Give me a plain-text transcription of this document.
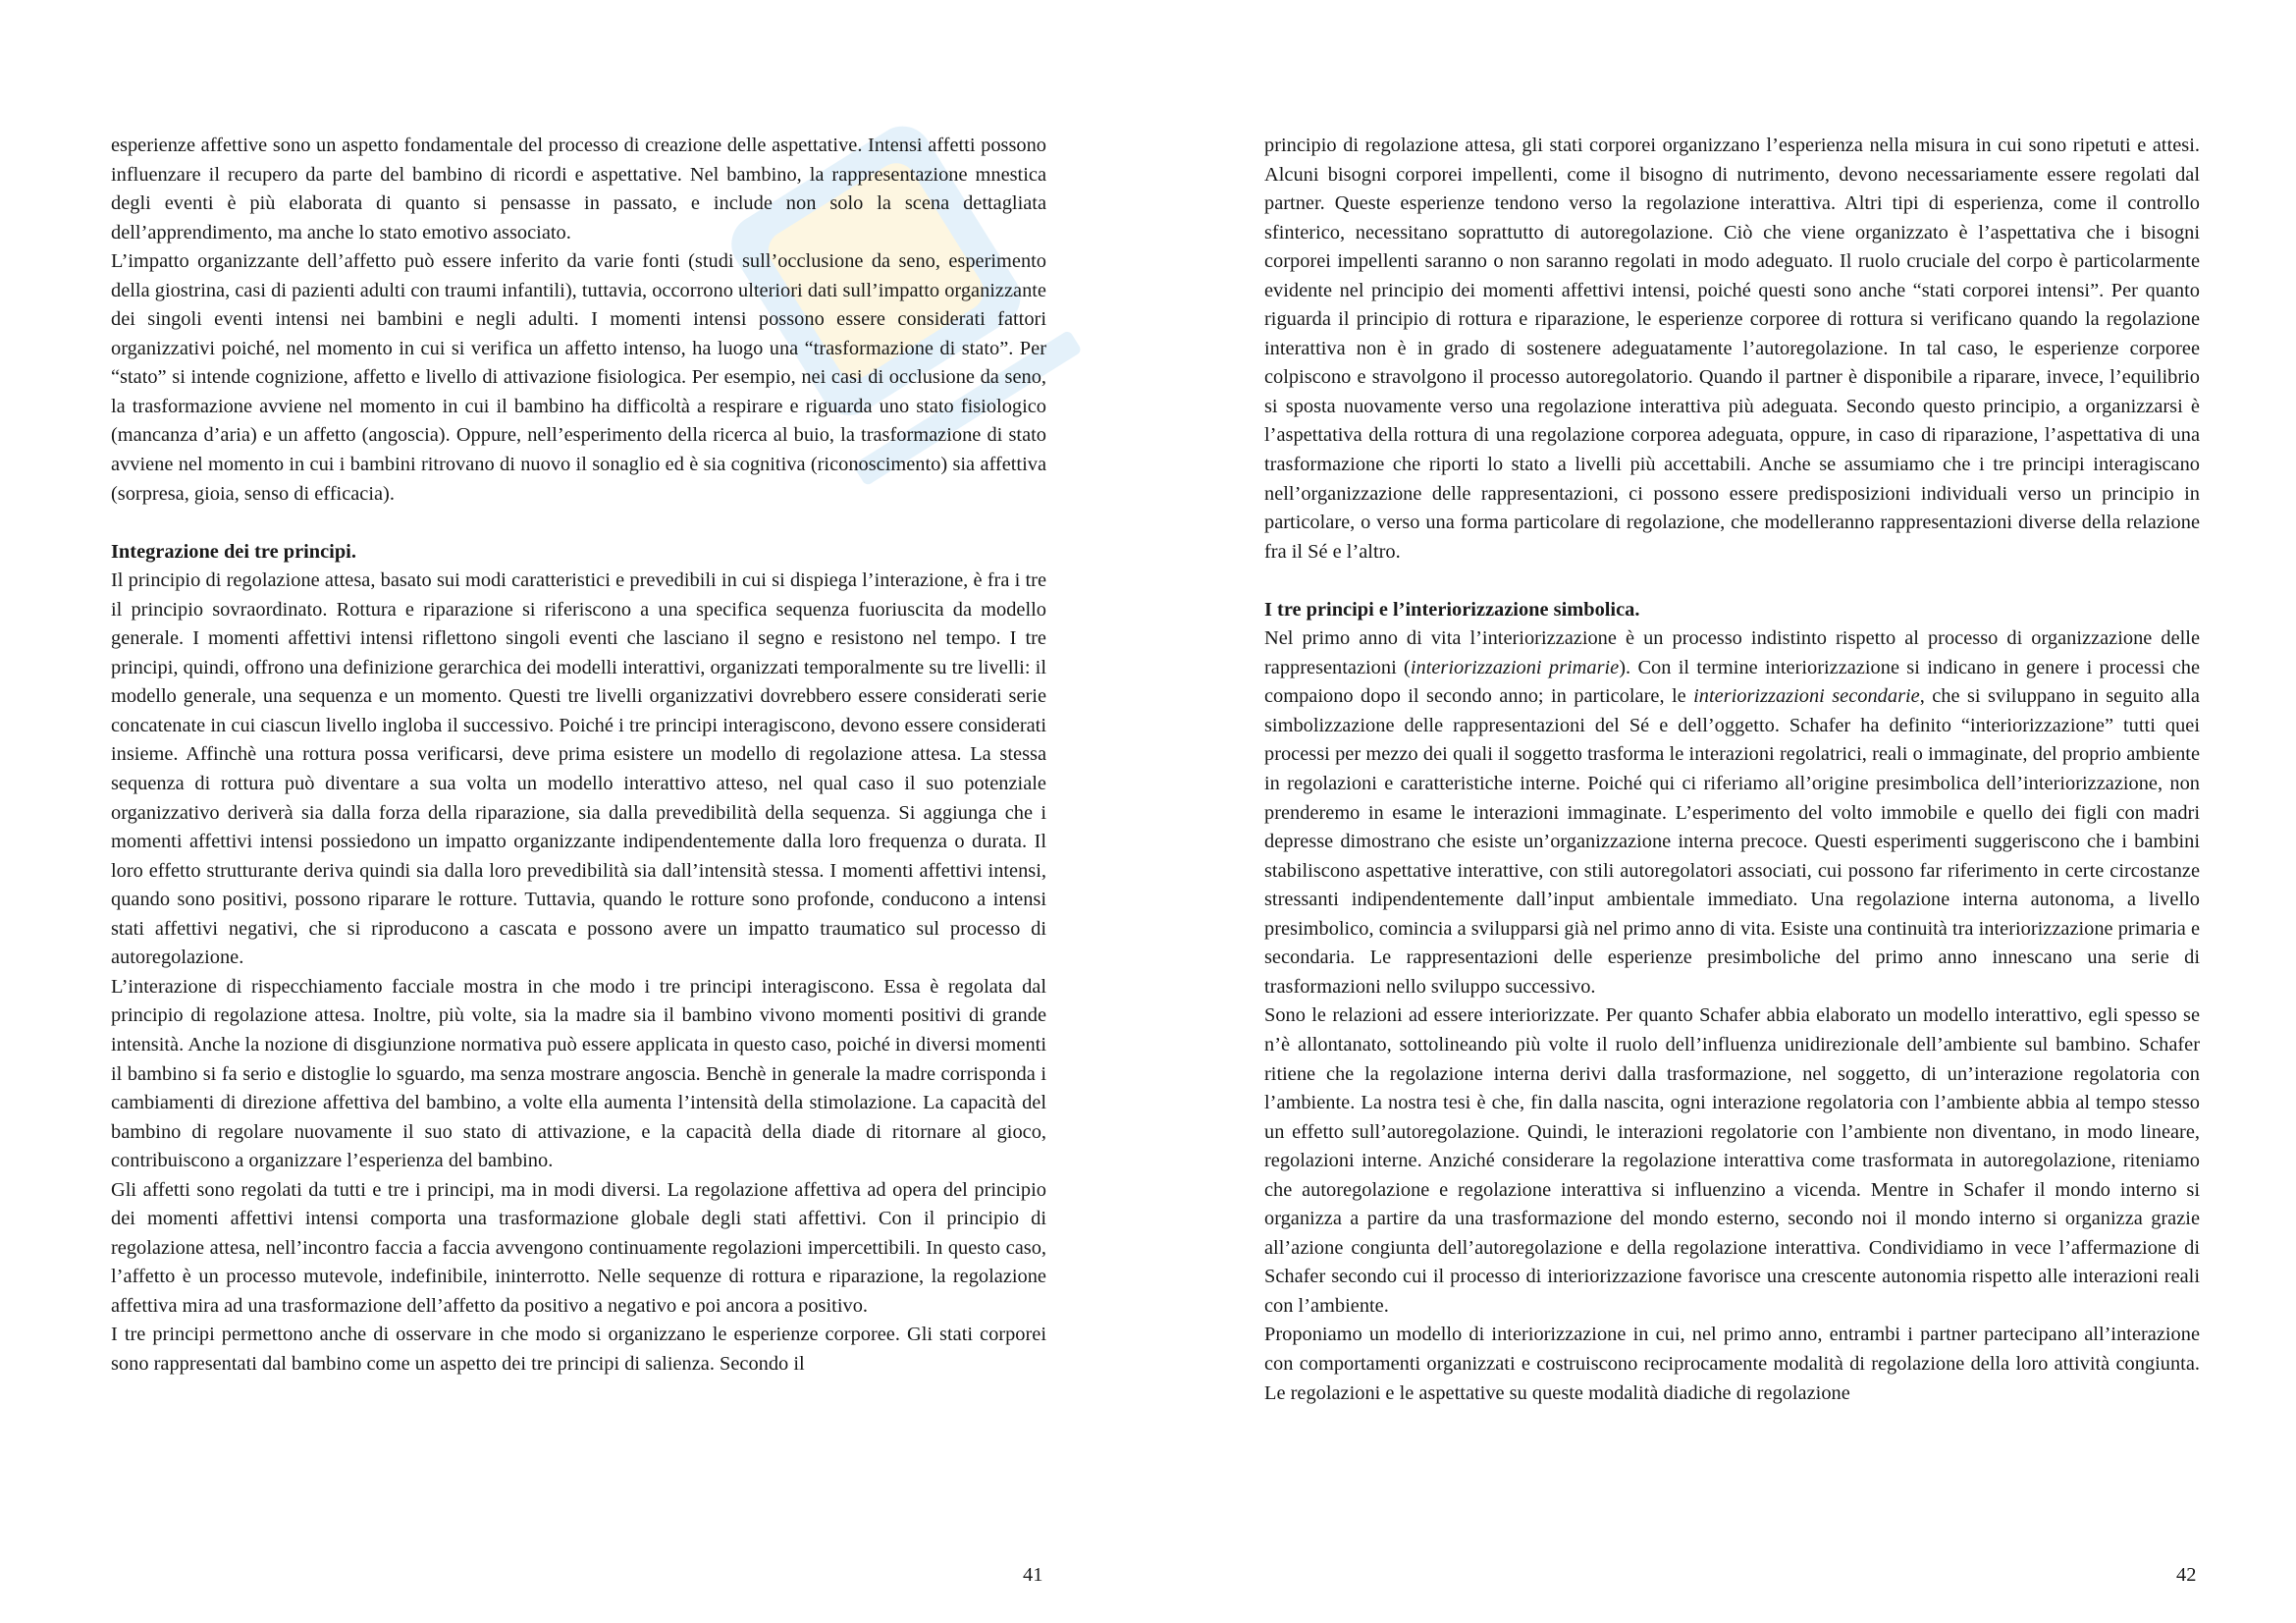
esperienze affettive sono un aspetto fondamentale del processo di creazione delle aspettative. Intensi affetti possono influenzare il recupero da parte del bambino di ricordi e aspettative. Nel bambino, la rappresentazione mnestica degli eventi è più elaborata di quanto si pensasse in passato, e include non solo la scena dettagliata dell’apprendimento, ma anche lo stato emotivo associato.

L’impatto organizzante dell’affetto può essere inferito da varie fonti (studi sull’occlusione da seno, esperimento della giostrina, casi di pazienti adulti con traumi infantili), tuttavia, occorrono ulteriori dati sull’impatto organizzante dei singoli eventi intensi nei bambini e negli adulti. I momenti intensi possono essere considerati fattori organizzativi poiché, nel momento in cui si verifica un affetto intenso, ha luogo una “trasformazione di stato”. Per “stato” si intende cognizione, affetto e livello di attivazione fisiologica. Per esempio, nei casi di occlusione da seno, la trasformazione avviene nel momento in cui il bambino ha difficoltà a respirare e riguarda uno stato fisiologico (mancanza d’aria) e un affetto (angoscia). Oppure, nell’esperimento della ricerca al buio, la trasformazione di stato avviene nel momento in cui i bambini ritrovano di nuovo il sonaglio ed è sia cognitiva (riconoscimento) sia affettiva (sorpresa, gioia, senso di efficacia).

Integrazione dei tre principi.

Il principio di regolazione attesa, basato sui modi caratteristici e prevedibili in cui si dispiega l’interazione, è fra i tre il principio sovraordinato. Rottura e riparazione si riferiscono a una specifica sequenza fuoriuscita da modello generale. I momenti affettivi intensi riflettono singoli eventi che lasciano il segno e resistono nel tempo. I tre principi, quindi, offrono una definizione gerarchica dei modelli interattivi, organizzati temporalmente su tre livelli: il modello generale, una sequenza e un momento. Questi tre livelli organizzativi dovrebbero essere considerati serie concatenate in cui ciascun livello ingloba il successivo. Poiché i tre principi interagiscono, devono essere considerati insieme. Affinchè una rottura possa verificarsi, deve prima esistere un modello di regolazione attesa. La stessa sequenza di rottura può diventare a sua volta un modello interattivo atteso, nel qual caso il suo potenziale organizzativo deriverà sia dalla forza della riparazione, sia dalla prevedibilità della sequenza. Si aggiunga che i momenti affettivi intensi possiedono un impatto organizzante indipendentemente dalla loro frequenza o durata. Il loro effetto strutturante deriva quindi sia dalla loro prevedibilità sia dall’intensità stessa. I momenti affettivi intensi, quando sono positivi, possono riparare le rotture. Tuttavia, quando le rotture sono profonde, conducono a intensi stati affettivi negativi, che si riproducono a cascata e possono avere un impatto traumatico sul processo di autoregolazione.

L’interazione di rispecchiamento facciale mostra in che modo i tre principi interagiscono. Essa è regolata dal principio di regolazione attesa. Inoltre, più volte, sia la madre sia il bambino vivono momenti positivi di grande intensità. Anche la nozione di disgiunzione normativa può essere applicata in questo caso, poiché in diversi momenti il bambino si fa serio e distoglie lo sguardo, ma senza mostrare angoscia. Benchè in generale la madre corrisponda i cambiamenti di direzione affettiva del bambino, a volte ella aumenta l’intensità della stimolazione. La capacità del bambino di regolare nuovamente il suo stato di attivazione, e la capacità della diade di ritornare al gioco, contribuiscono a organizzare l’esperienza del bambino.

Gli affetti sono regolati da tutti e tre i principi, ma in modi diversi. La regolazione affettiva ad opera del principio dei momenti affettivi intensi comporta una trasformazione globale degli stati affettivi. Con il principio di regolazione attesa, nell’incontro faccia a faccia avvengono continuamente regolazioni impercettibili. In questo caso, l’affetto è un processo mutevole, indefinibile, ininterrotto. Nelle sequenze di rottura e riparazione, la regolazione affettiva mira ad una trasformazione dell’affetto da positivo a negativo e poi ancora a positivo.

I tre principi permettono anche di osservare in che modo si organizzano le esperienze corporee. Gli stati corporei sono rappresentati dal bambino come un aspetto dei tre principi di salienza. Secondo il

41

principio di regolazione attesa, gli stati corporei organizzano l’esperienza nella misura in cui sono ripetuti e attesi. Alcuni bisogni corporei impellenti, come il bisogno di nutrimento, devono necessariamente essere regolati dal partner. Queste esperienze tendono verso la regolazione interattiva. Altri tipi di esperienza, come il controllo sfinterico, necessitano soprattutto di autoregolazione. Ciò che viene organizzato è l’aspettativa che i bisogni corporei impellenti saranno o non saranno regolati in modo adeguato. Il ruolo cruciale del corpo è particolarmente evidente nel principio dei momenti affettivi intensi, poiché questi sono anche “stati corporei intensi”. Per quanto riguarda il principio di rottura e riparazione, le esperienze corporee di rottura si verificano quando la regolazione interattiva non è in grado di sostenere adeguatamente l’autoregolazione. In tal caso, le esperienze corporee colpiscono e stravolgono il processo autoregolatorio. Quando il partner è disponibile a riparare, invece, l’equilibrio si sposta nuovamente verso una regolazione interattiva più adeguata. Secondo questo principio, a organizzarsi è l’aspettativa della rottura di una regolazione corporea adeguata, oppure, in caso di riparazione, l’aspettativa di una trasformazione che riporti lo stato a livelli più accettabili. Anche se assumiamo che i tre principi interagiscano nell’organizzazione delle rappresentazioni, ci possono essere predisposizioni individuali verso un principio in particolare, o verso una forma particolare di regolazione, che modelleranno rappresentazioni diverse della relazione fra il Sé e l’altro.

I tre principi e l’interiorizzazione simbolica.

Nel primo anno di vita l’interiorizzazione è un processo indistinto rispetto al processo di organizzazione delle rappresentazioni (interiorizzazioni primarie). Con il termine interiorizzazione si indicano in genere i processi che compaiono dopo il secondo anno; in particolare, le interiorizzazioni secondarie, che si sviluppano in seguito alla simbolizzazione delle rappresentazioni del Sé e dell’oggetto. Schafer ha definito “interiorizzazione” tutti quei processi per mezzo dei quali il soggetto trasforma le interazioni regolatrici, reali o immaginate, del proprio ambiente in regolazioni e caratteristiche interne. Poiché qui ci riferiamo all’origine presimbolica dell’interiorizzazione, non prenderemo in esame le interazioni immaginate. L’esperimento del volto immobile e quello dei figli con madri depresse dimostrano che esiste un’organizzazione interna precoce. Questi esperimenti suggeriscono che i bambini stabiliscono aspettative interattive, con stili autoregolatori associati, cui possono far riferimento in certe circostanze stressanti indipendentemente dall’input ambientale immediato. Una regolazione interna autonoma, a livello presimbolico, comincia a svilupparsi già nel primo anno di vita. Esiste una continuità tra interiorizzazione primaria e secondaria. Le rappresentazioni delle esperienze presimboliche del primo anno innescano una serie di trasformazioni nello sviluppo successivo.

Sono le relazioni ad essere interiorizzate. Per quanto Schafer abbia elaborato un modello interattivo, egli spesso se n’è allontanato, sottolineando più volte il ruolo dell’influenza unidirezionale dell’ambiente sul bambino. Schafer ritiene che la regolazione interna derivi dalla trasformazione, nel soggetto, di un’interazione regolatoria con l’ambiente. La nostra tesi è che, fin dalla nascita, ogni interazione regolatoria con l’ambiente abbia al tempo stesso un effetto sull’autoregolazione. Quindi, le interazioni regolatorie con l’ambiente non diventano, in modo lineare, regolazioni interne. Anziché considerare la regolazione interattiva come trasformata in autoregolazione, riteniamo che autoregolazione e regolazione interattiva si influenzino a vicenda. Mentre in Schafer il mondo interno si organizza a partire da una trasformazione del mondo esterno, secondo noi il mondo interno si organizza grazie all’azione congiunta dell’autoregolazione e della regolazione interattiva. Condividiamo in vece l’affermazione di Schafer secondo cui il processo di interiorizzazione favorisce una crescente autonomia rispetto alle interazioni reali con l’ambiente.

Proponiamo un modello di interiorizzazione in cui, nel primo anno, entrambi i partner partecipano all’interazione con comportamenti organizzati e costruiscono reciprocamente modalità di regolazione della loro attività congiunta. Le regolazioni e le aspettative su queste modalità diadiche di regolazione

42
